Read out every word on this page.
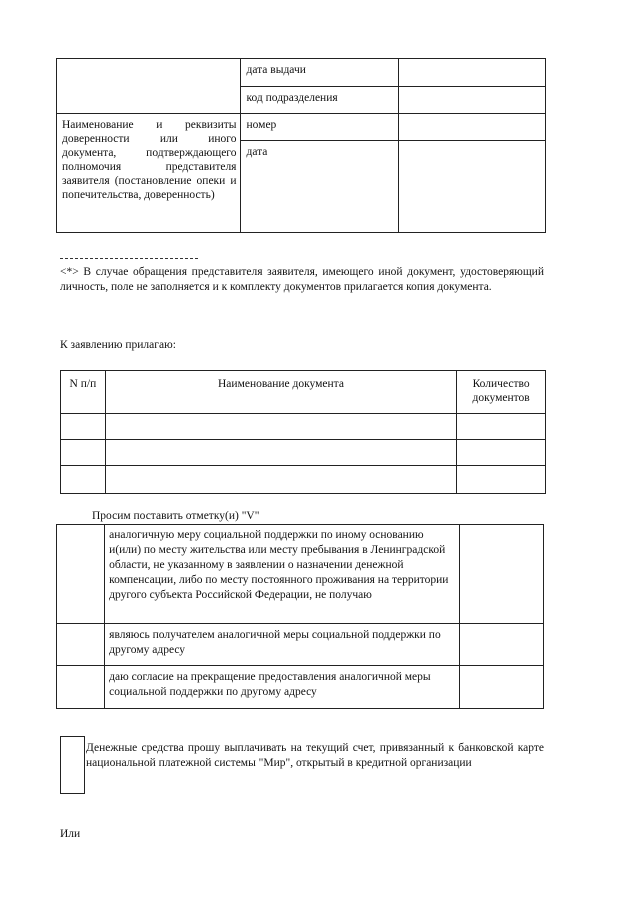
	дата выдачи	
	код подразделения	
Наименование и реквизиты доверенности или иного документа, подтверждающего полномочия представителя заявителя (постановление опеки и попечительства, доверенность)	номер	
	дата	
<*> В случае обращения представителя заявителя, имеющего иной документ, удостоверяющий личность, поле не заполняется и к комплекту документов прилагается копия документа.
К заявлению прилагаю:
N п/п	Наименование документа	Количество документов

Просим поставить отметку(и) "V"
	аналогичную меру социальной поддержки по иному основанию и(или) по месту жительства или месту пребывания в Ленинградской области, не указанному в заявлении о назначении денежной компенсации, либо по месту постоянного проживания на территории другого субъекта Российской Федерации, не получаю	
	являюсь получателем аналогичной меры социальной поддержки по другому адресу	
	даю согласие на прекращение предоставления аналогичной меры социальной поддержки по другому адресу	
Денежные средства прошу выплачивать на текущий счет, привязанный к банковской карте национальной платежной системы "Мир", открытый в кредитной организации
Или
